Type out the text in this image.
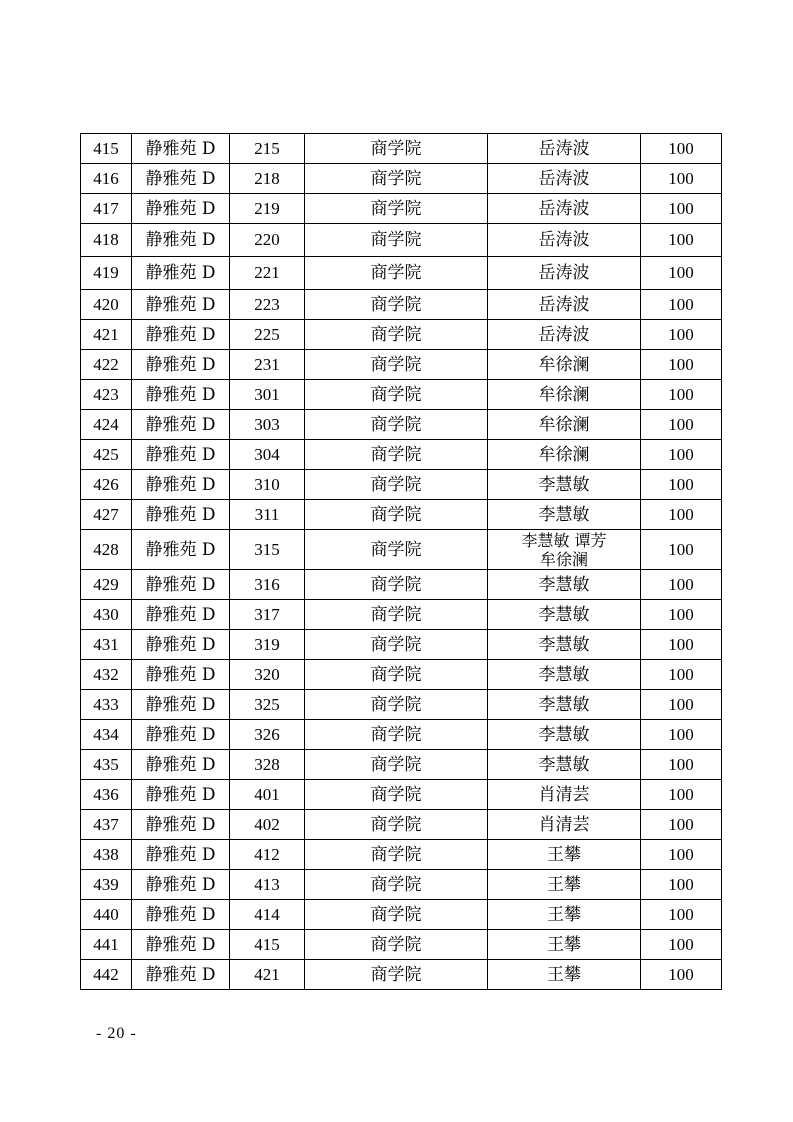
415	静雅苑 D	215	商学院	岳涛波	100
416	静雅苑 D	218	商学院	岳涛波	100
417	静雅苑 D	219	商学院	岳涛波	100
418	静雅苑 D	220	商学院	岳涛波	100
419	静雅苑 D	221	商学院	岳涛波	100
420	静雅苑 D	223	商学院	岳涛波	100
421	静雅苑 D	225	商学院	岳涛波	100
422	静雅苑 D	231	商学院	牟徐澜	100
423	静雅苑 D	301	商学院	牟徐澜	100
424	静雅苑 D	303	商学院	牟徐澜	100
425	静雅苑 D	304	商学院	牟徐澜	100
426	静雅苑 D	310	商学院	李慧敏	100
427	静雅苑 D	311	商学院	李慧敏	100
428	静雅苑 D	315	商学院	李慧敏 谭芳
牟徐澜	100
429	静雅苑 D	316	商学院	李慧敏	100
430	静雅苑 D	317	商学院	李慧敏	100
431	静雅苑 D	319	商学院	李慧敏	100
432	静雅苑 D	320	商学院	李慧敏	100
433	静雅苑 D	325	商学院	李慧敏	100
434	静雅苑 D	326	商学院	李慧敏	100
435	静雅苑 D	328	商学院	李慧敏	100
436	静雅苑 D	401	商学院	肖清芸	100
437	静雅苑 D	402	商学院	肖清芸	100
438	静雅苑 D	412	商学院	王攀	100
439	静雅苑 D	413	商学院	王攀	100
440	静雅苑 D	414	商学院	王攀	100
441	静雅苑 D	415	商学院	王攀	100
442	静雅苑 D	421	商学院	王攀	100
- 20 -
